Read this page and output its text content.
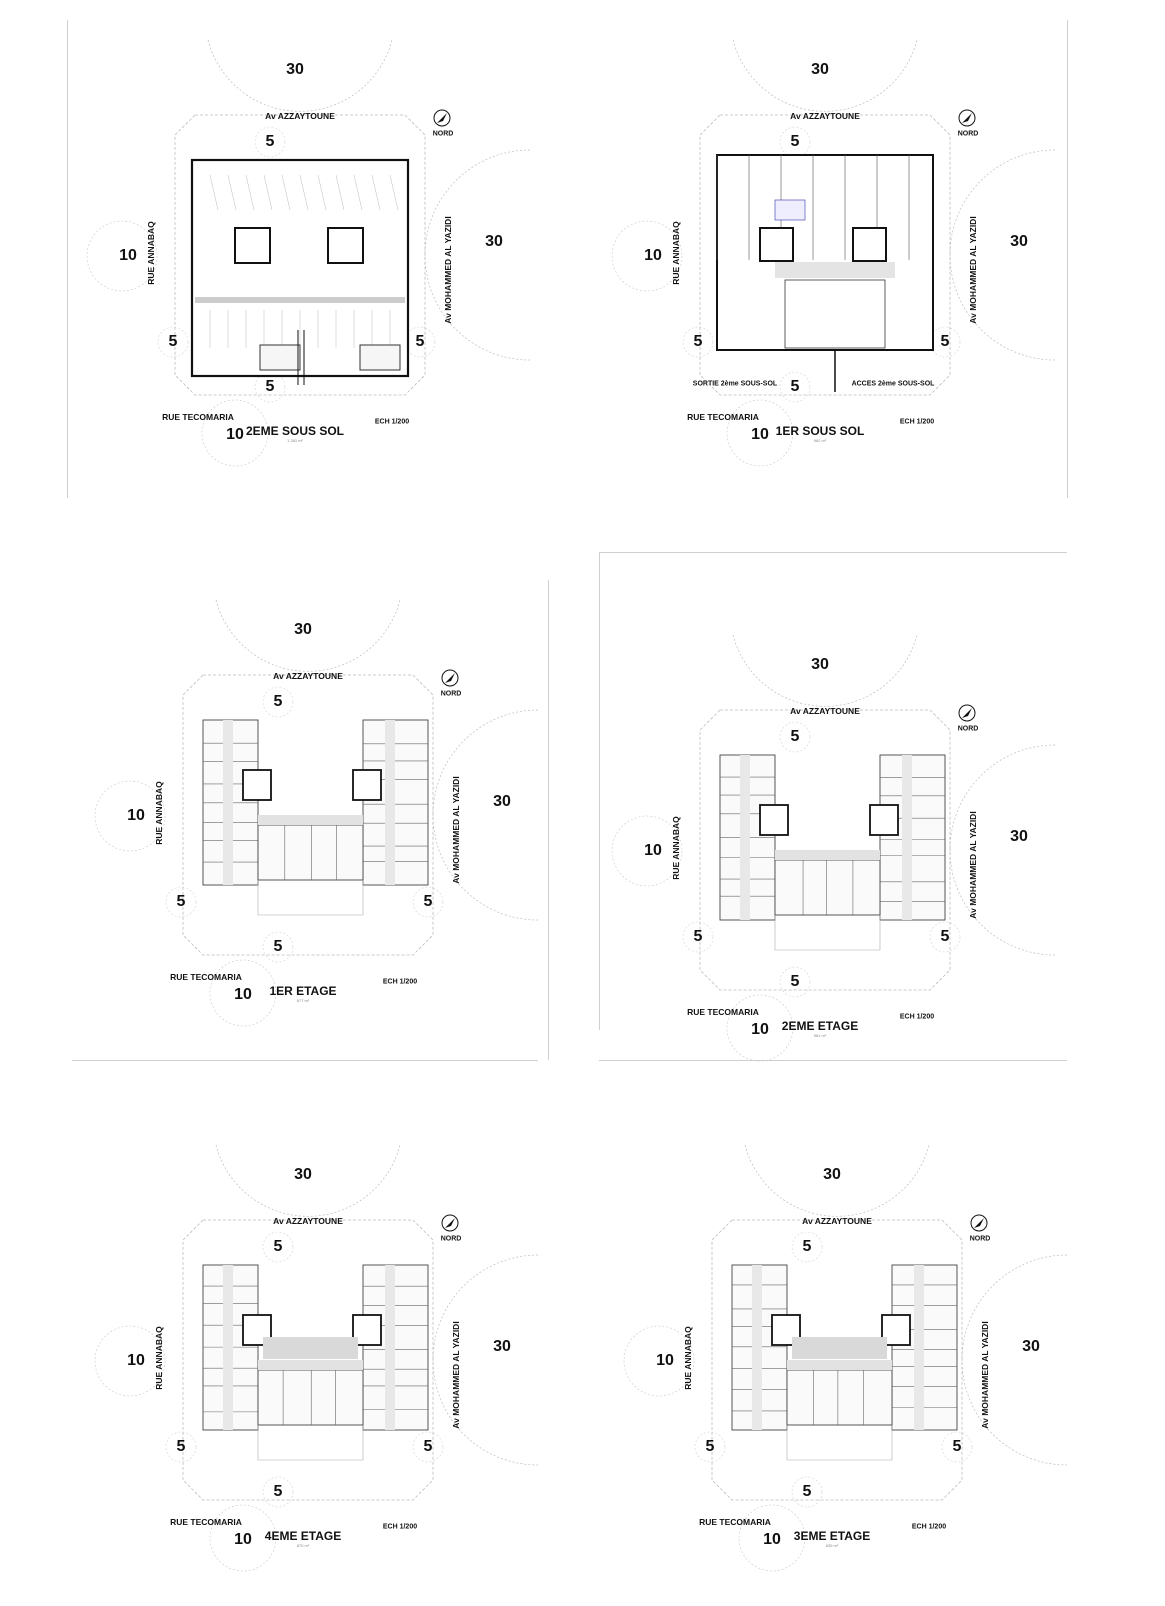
30
Av AZZAYTOUNE
NORD
5
10 RUE ANNABAQ	Av MOHAMMED AL YAZIDI 30
5	5
5
RUE TECOMARIA
10 2EME SOUS SOL
1 281 m²
ECH 1/200
SORTIE 2ème SOUS-SOL	ACCES 2ème SOUS-SOL
30
Av AZZAYTOUNE
NORD
5
10 RUE ANNABAQ	Av MOHAMMED AL YAZIDI 30
5	5
5
RUE TECOMARIA
10 1ER SOUS SOL
962 m²
ECH 1/200
30
Av AZZAYTOUNE
NORD
5
10 RUE ANNABAQ	Av MOHAMMED AL YAZIDI 30
5	5
5
RUE TECOMARIA
10 1ER ETAGE
877 m²
ECH 1/200
30
Av AZZAYTOUNE
NORD
5
10 RUE ANNABAQ	Av MOHAMMED AL YAZIDI 30
5	5
5
RUE TECOMARIA
10 2EME ETAGE
981 m²
ECH 1/200
30
Av AZZAYTOUNE
NORD
5
10 RUE ANNABAQ	Av MOHAMMED AL YAZIDI 30
5	5
5
RUE TECOMARIA
10 4EME ETAGE
870 m²
ECH 1/200
30
Av AZZAYTOUNE
NORD
5
10 RUE ANNABAQ	Av MOHAMMED AL YAZIDI 30
5	5
5
RUE TECOMARIA
10 3EME ETAGE
835 m²
ECH 1/200
